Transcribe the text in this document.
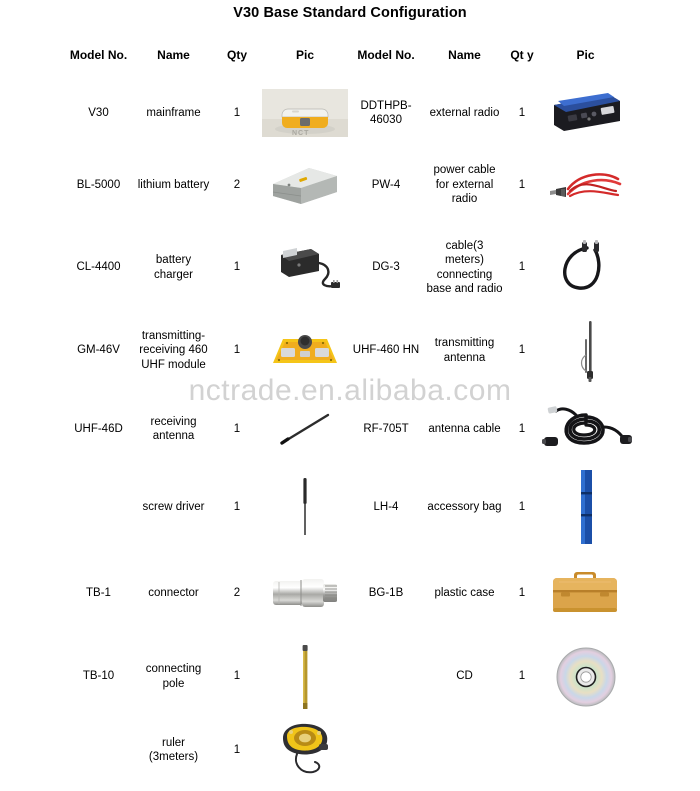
V30 Base Standard Configuration
Model No.	Name	Qty	Pic	Model No.	Name	Qt y	Pic

V30	mainframe	1	NCT	DDTHPB-46030	external radio	1

BL-5000	lithium battery	2		PW-4	power cable for external radio	1

CL-4400	battery charger	1		DG-3	cable(3 meters) connecting base and radio	1

GM-46V	transmitting-receiving 460 UHF module	1		UHF-460 HN	transmitting antenna	1

UHF-46D	receiving antenna	1		RF-705T	antenna cable	1

	screw driver	1		LH-4	accessory bag	1

TB-1	connector	2		BG-1B	plastic case	1

TB-10	connecting pole	1			CD	1

	ruler (3meters)	1

nctrade.en.alibaba.com
